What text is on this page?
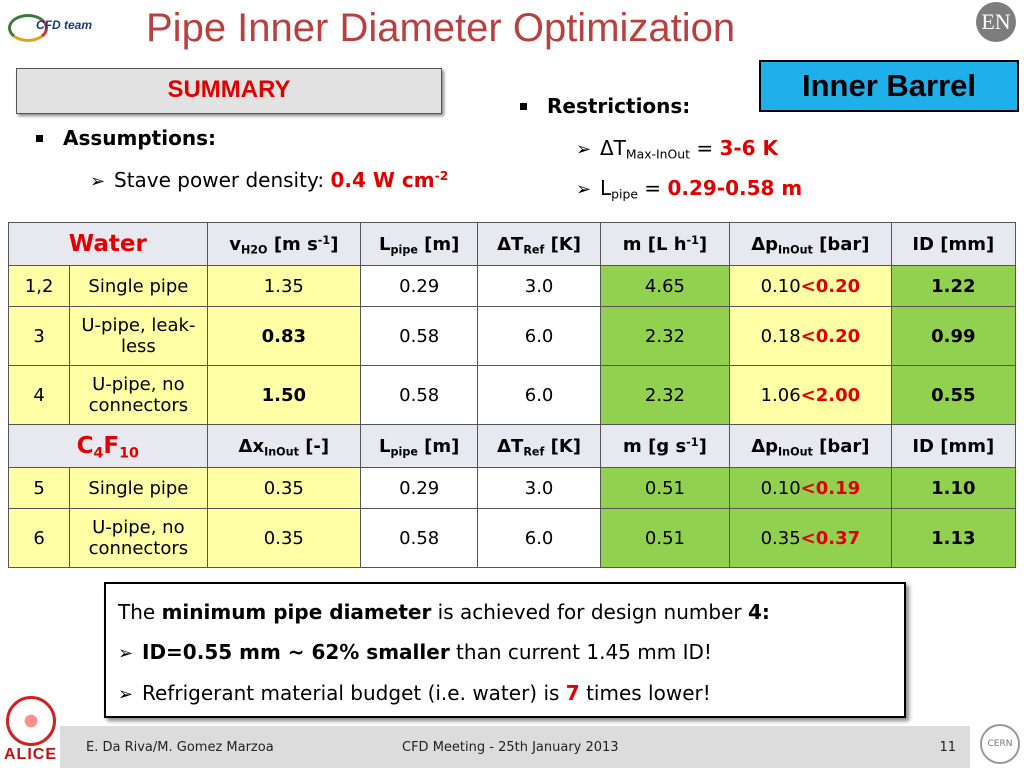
CFD team Pipe Inner Diameter Optimization	EN
SUMMARY	Inner Barrel
Assumptions:
➢ Stave power density: 0.4 W $cm^{-2}$
Restrictions:
➢ $\Delta T_{Max-InOut} = 3-6$ K
➢ $L_{pipe} = 0.29-0.58$ m
Water		$v_{H2O}$ [m $s^{-1}$]	$L_{pipe}$ [m]	$\Delta T_{Ref}$ [K]	m [L $h^{-1}$]	$\Delta p_{InOut}$ [bar]	ID [mm]
1,2	Single pipe	1.35	0.29	3.0	4.65	0.10<0.20	1.22
3	U-pipe, leak-less	0.83	0.58	6.0	2.32	0.18<0.20	0.99
4	U-pipe, no connectors	1.50	0.58	6.0	2.32	1.06<2.00	0.55
$C_4F_{10}$		$\Delta x_{InOut}$ [-]	$L_{pipe}$ [m]	$\Delta T_{Ref}$ [K]	m [g $s^{-1}$]	$\Delta p_{InOut}$ [bar]	ID [mm]
5	Single pipe	0.35	0.29	3.0	0.51	0.10<0.19	1.10
6	U-pipe, no connectors	0.35	0.58	6.0	0.51	0.35<0.37	1.13
The minimum pipe diameter is achieved for design number 4:
➢ ID=0.55 mm ~ 62% smaller than current 1.45 mm ID!
➢ Refrigerant material budget (i.e. water) is 7 times lower!
ALICE E. Da Riva/M. Gomez Marzoa	CFD Meeting - 25th January 2013	11	CERN
